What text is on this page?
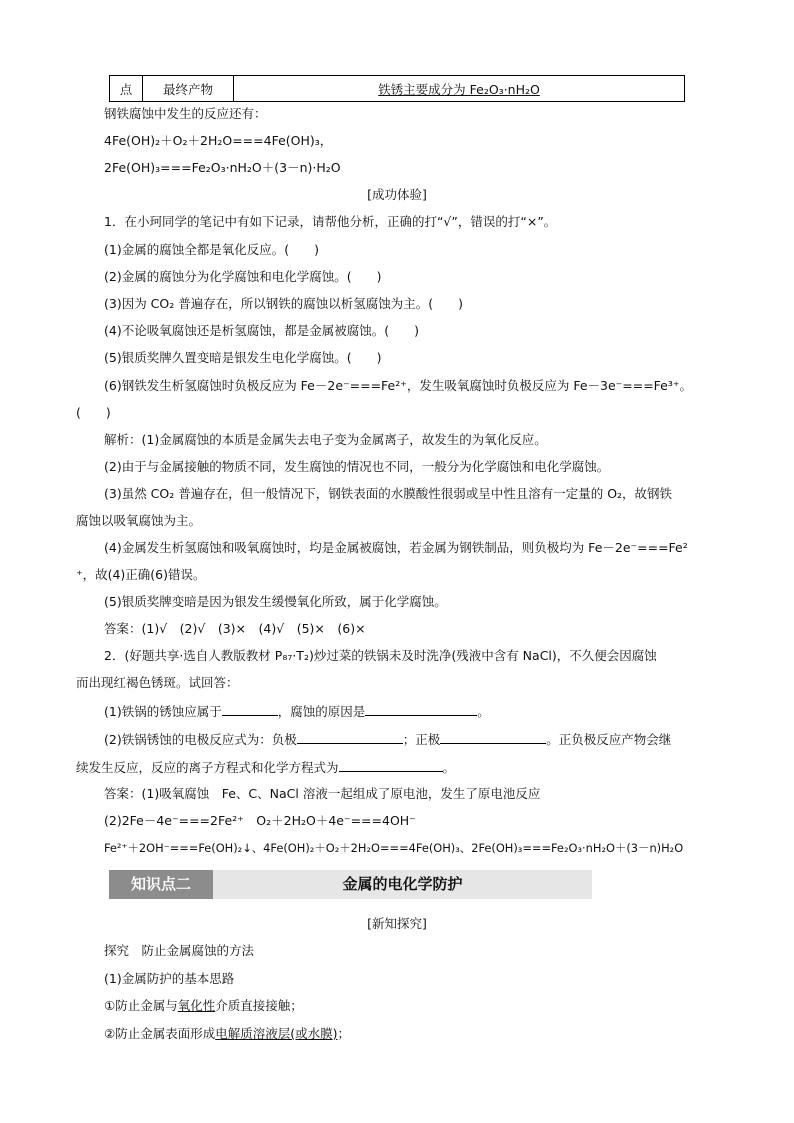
点	最终产物	铁锈主要成分为 Fe₂O₃·nH₂O
钢铁腐蚀中发生的反应还有：
4Fe(OH)₂＋O₂＋2H₂O===4Fe(OH)₃，
2Fe(OH)₃===Fe₂O₃·nH₂O＋(3－n)·H₂O
[成功体验]
1．在小珂同学的笔记中有如下记录，请帮他分析，正确的打“√”，错误的打“×”。
(1)金属的腐蚀全都是氧化反应。(　　)
(2)金属的腐蚀分为化学腐蚀和电化学腐蚀。(　　)
(3)因为 CO₂ 普遍存在，所以钢铁的腐蚀以析氢腐蚀为主。(　　)
(4)不论吸氧腐蚀还是析氢腐蚀，都是金属被腐蚀。(　　)
(5)银质奖牌久置变暗是银发生电化学腐蚀。(　　)
(6)钢铁发生析氢腐蚀时负极反应为 Fe－2e⁻===Fe²⁺，发生吸氧腐蚀时负极反应为 Fe－3e⁻===Fe³⁺。
(　　)
解析：(1)金属腐蚀的本质是金属失去电子变为金属离子，故发生的为氧化反应。
(2)由于与金属接触的物质不同，发生腐蚀的情况也不同，一般分为化学腐蚀和电化学腐蚀。
(3)虽然 CO₂ 普遍存在，但一般情况下，钢铁表面的水膜酸性很弱或呈中性且溶有一定量的 O₂，故钢铁
腐蚀以吸氧腐蚀为主。
(4)金属发生析氢腐蚀和吸氧腐蚀时，均是金属被腐蚀，若金属为钢铁制品，则负极均为 Fe－2e⁻===Fe²
⁺，故(4)正确(6)错误。
(5)银质奖牌变暗是因为银发生缓慢氧化所致，属于化学腐蚀。
答案：(1)√　(2)√　(3)×　(4)√　(5)×　(6)×
2．(好题共享·选自人教版教材 P₈₇·T₂)炒过菜的铁锅未及时洗净(残液中含有 NaCl)，不久便会因腐蚀
而出现红褐色锈斑。试回答：
(1)铁锅的锈蚀应属于	，腐蚀的原因是	。
(2)铁锅锈蚀的电极反应式为：负极	；正极	。正负极反应产物会继
续发生反应，反应的离子方程式和化学方程式为	。
答案：(1)吸氧腐蚀　Fe、C、NaCl 溶液一起组成了原电池，发生了原电池反应
(2)2Fe－4e⁻===2Fe²⁺　O₂＋2H₂O＋4e⁻===4OH⁻
Fe²⁺＋2OH⁻===Fe(OH)₂↓、4Fe(OH)₂＋O₂＋2H₂O===4Fe(OH)₃、2Fe(OH)₃===Fe₂O₃·nH₂O＋(3－n)H₂O
知识点二	金属的电化学防护
[新知探究]
探究　防止金属腐蚀的方法
(1)金属防护的基本思路
①防止金属与氧化性介质直接接触；
②防止金属表面形成电解质溶液层(或水膜)；
